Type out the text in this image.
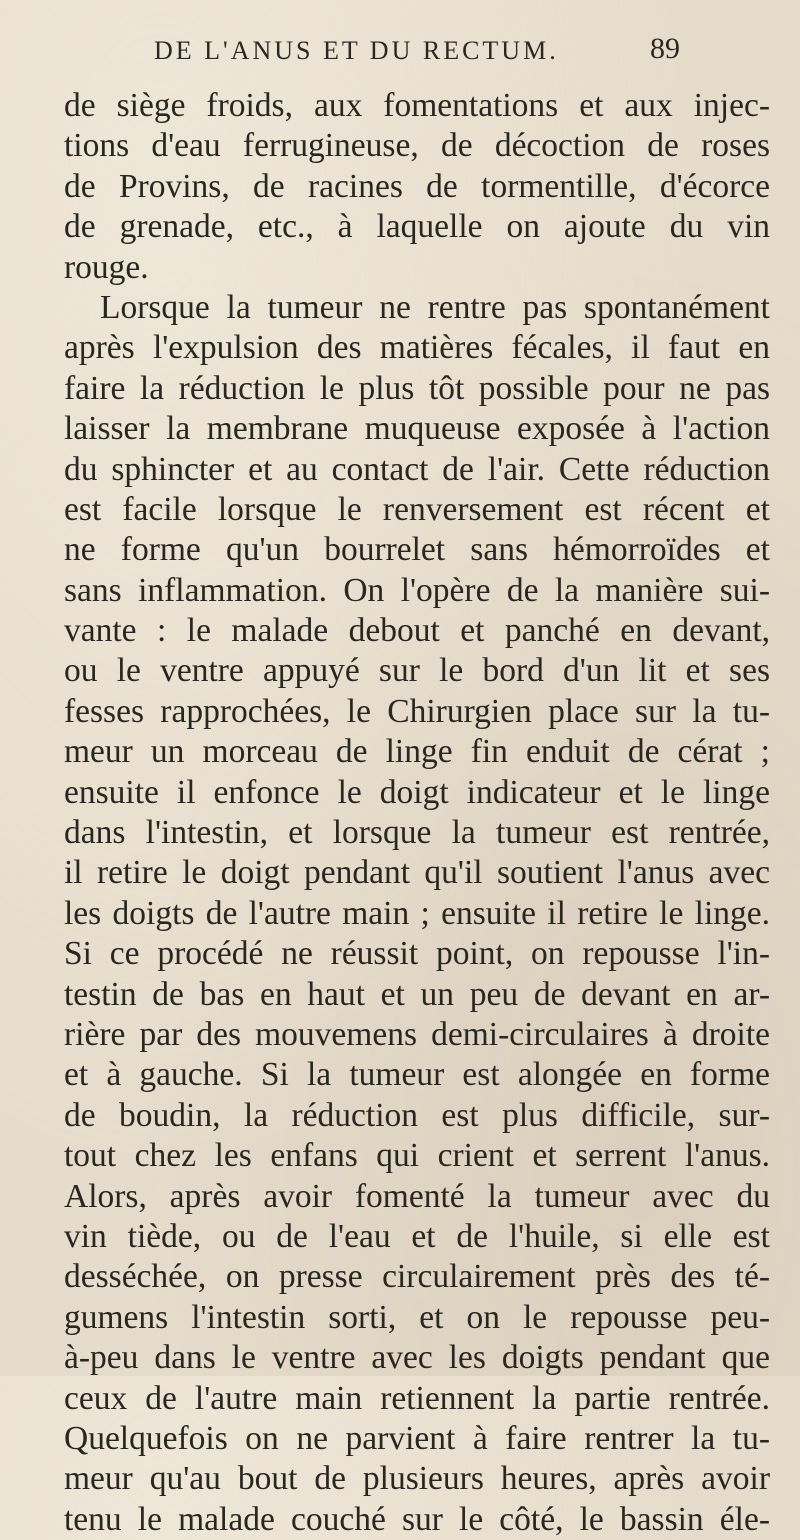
DE L'ANUS ET DU RECTUM.	89
de siège froids, aux fomentations et aux injec-
tions d'eau ferrugineuse, de décoction de roses
de Provins, de racines de tormentille, d'écorce
de grenade, etc., à laquelle on ajoute du vin
rouge.
Lorsque la tumeur ne rentre pas spontanément
après l'expulsion des matières fécales, il faut en
faire la réduction le plus tôt possible pour ne pas
laisser la membrane muqueuse exposée à l'action
du sphincter et au contact de l'air. Cette réduction
est facile lorsque le renversement est récent et
ne forme qu'un bourrelet sans hémorroïdes et
sans inflammation. On l'opère de la manière sui-
vante : le malade debout et panché en devant,
ou le ventre appuyé sur le bord d'un lit et ses
fesses rapprochées, le Chirurgien place sur la tu-
meur un morceau de linge fin enduit de cérat ;
ensuite il enfonce le doigt indicateur et le linge
dans l'intestin, et lorsque la tumeur est rentrée,
il retire le doigt pendant qu'il soutient l'anus avec
les doigts de l'autre main ; ensuite il retire le linge.
Si ce procédé ne réussit point, on repousse l'in-
testin de bas en haut et un peu de devant en ar-
rière par des mouvemens demi-circulaires à droite
et à gauche. Si la tumeur est alongée en forme
de boudin, la réduction est plus difficile, sur-
tout chez les enfans qui crient et serrent l'anus.
Alors, après avoir fomenté la tumeur avec du
vin tiède, ou de l'eau et de l'huile, si elle est
desséchée, on presse circulairement près des té-
gumens l'intestin sorti, et on le repousse peu-
à-peu dans le ventre avec les doigts pendant que
ceux de l'autre main retiennent la partie rentrée.
Quelquefois on ne parvient à faire rentrer la tu-
meur qu'au bout de plusieurs heures, après avoir
tenu le malade couché sur le côté, le bassin éle-
